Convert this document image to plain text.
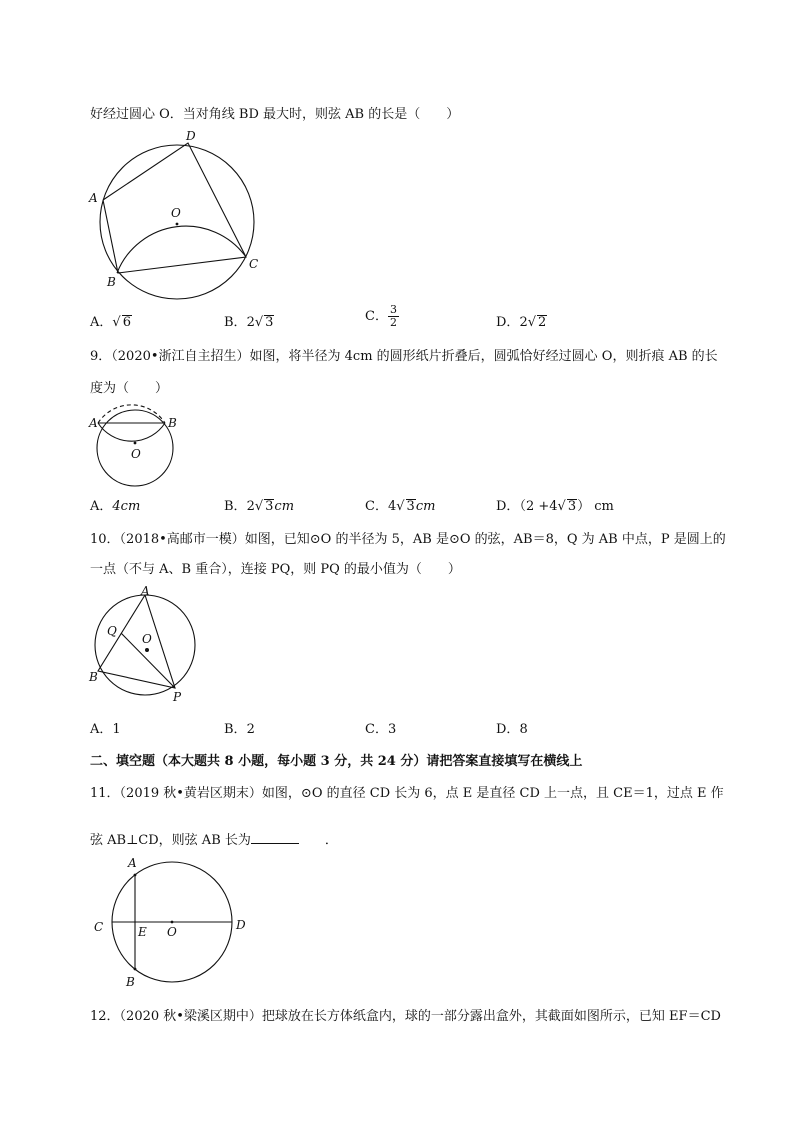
好经过圆心 O．当对角线 BD 最大时，则弦 AB 的长是（　　）
D
A
O
B
C
A．√ 6	B．2√ 3	C． $\frac{3}{2}$	D．2√ 2
9．（2020•浙江自主招生）如图，将半径为 4cm 的圆形纸片折叠后，圆弧恰好经过圆心 O，则折痕 AB 的长
度为（　　）
A	B
O
A．4cm	B．2√ 3cm	C．4√ 3cm	D．（2 +4√ 3） cm
10．（2018•高邮市一模）如图，已知⊙O 的半径为 5，AB 是⊙O 的弦，AB＝8，Q 为 AB 中点，P 是圆上的
一点（不与 A、B 重合），连接 PQ，则 PQ 的最小值为（　　）
A
Q
O
B
P
A．1	B．2	C．3	D．8
二、填空题（本大题共 8 小题，每小题 3 分，共 24 分）请把答案直接填写在横线上
11．（2019 秋•黄岩区期末）如图，⊙O 的直径 CD 长为 6，点 E 是直径 CD 上一点，且 CE＝1，过点 E 作
弦 AB⊥CD，则弦 AB 长为	．
A
C	E O	D
B
12．（2020 秋•梁溪区期中）把球放在长方体纸盒内，球的一部分露出盒外，其截面如图所示，已知 EF＝CD
